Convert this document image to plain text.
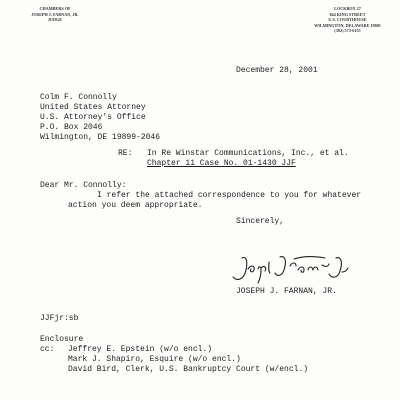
CHAMBERS OF
JOSEPH J. FARNAN, JR.
JUDGE
LOCKBOX 27
844 KING STREET
U.S. COURTHOUSE
WILMINGTON, DELAWARE 19801
(302) 573-6155
December 28, 2001
Colm F. Connolly
United States Attorney
U.S. Attorney's Office
P.O. Box 2046
Wilmington, DE 19899-2046
RE: In Re Winstar Communications, Inc., et al.
Chapter 11 Case No. 01-1430 JJF
Dear Mr. Connolly:
I refer the attached correspondence to you for whatever
action you deem appropriate.
Sincerely,
JOSEPH J. FARNAN, JR.
JJFjr:sb
Enclosure
cc: Jeffrey E. Epstein (w/o encl.)
Mark J. Shapiro, Esquire (w/o encl.)
David Bird, Clerk, U.S. Bankruptcy Court (w/encl.)
